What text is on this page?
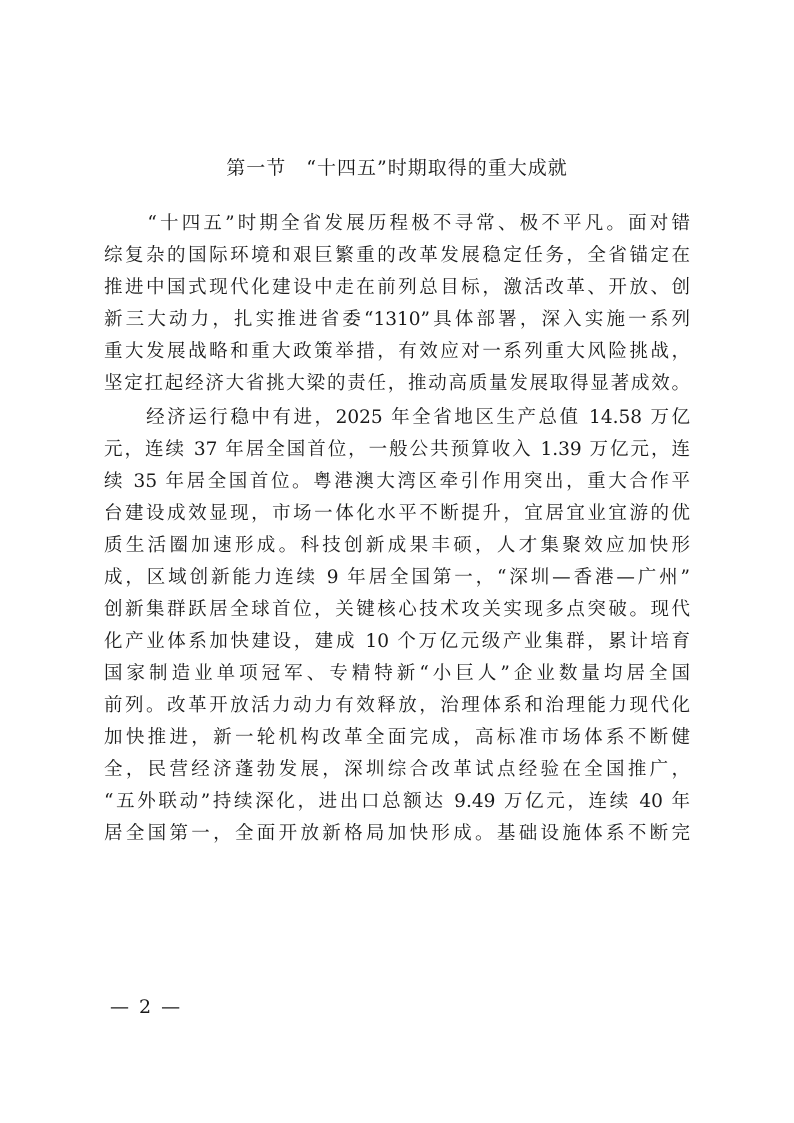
第一节　“十四五”时期取得的重大成就
　　“十四五”时期全省发展历程极不寻常、极不平凡。面对错
综复杂的国际环境和艰巨繁重的改革发展稳定任务，全省锚定在
推进中国式现代化建设中走在前列总目标，激活改革、开放、创
新三大动力，扎实推进省委“1310”具体部署，深入实施一系列
重大发展战略和重大政策举措，有效应对一系列重大风险挑战，
坚定扛起经济大省挑大梁的责任，推动高质量发展取得显著成效。
　　经济运行稳中有进，2025 年全省地区生产总值 14.58 万亿
元，连续 37 年居全国首位，一般公共预算收入 1.39 万亿元，连
续 35 年居全国首位。粤港澳大湾区牵引作用突出，重大合作平
台建设成效显现，市场一体化水平不断提升，宜居宜业宜游的优
质生活圈加速形成。科技创新成果丰硕，人才集聚效应加快形
成，区域创新能力连续 9 年居全国第一，“深圳—香港—广州”
创新集群跃居全球首位，关键核心技术攻关实现多点突破。现代
化产业体系加快建设，建成 10 个万亿元级产业集群，累计培育
国家制造业单项冠军、专精特新“小巨人”企业数量均居全国
前列。改革开放活力动力有效释放，治理体系和治理能力现代化
加快推进，新一轮机构改革全面完成，高标准市场体系不断健
全，民营经济蓬勃发展，深圳综合改革试点经验在全国推广，
“五外联动”持续深化，进出口总额达 9.49 万亿元，连续 40 年
居全国第一，全面开放新格局加快形成。基础设施体系不断完
— 2 —
